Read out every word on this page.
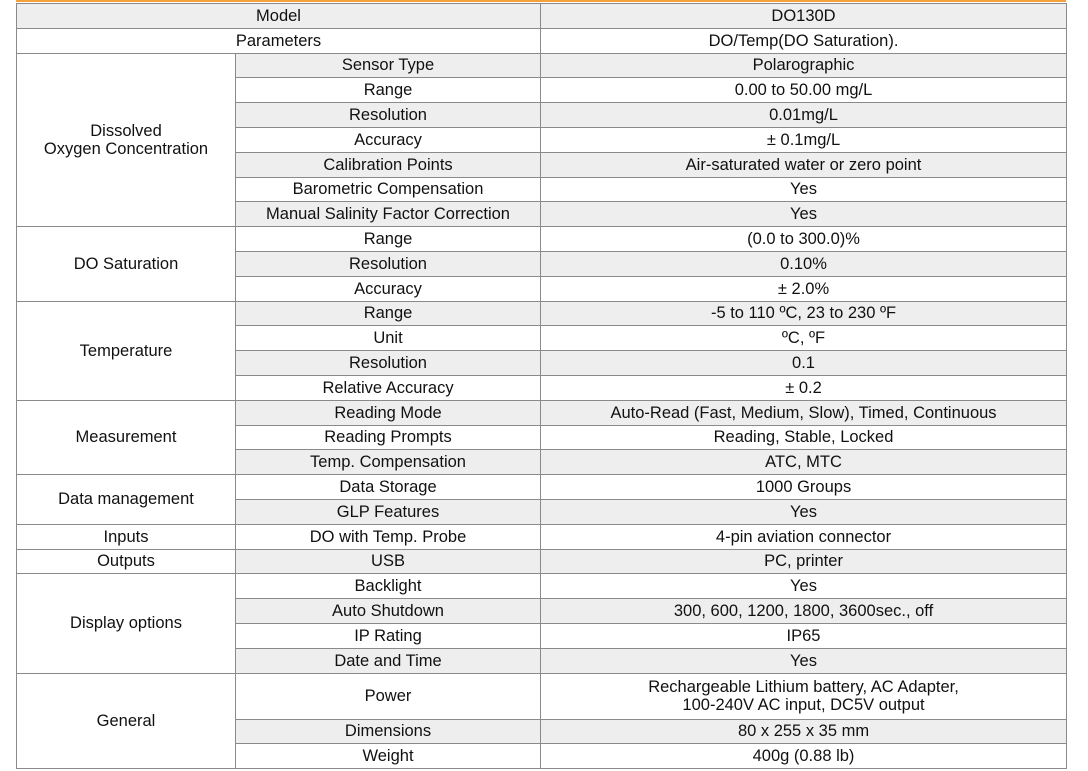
Model		DO130D
Parameters		DO/Temp(DO Saturation).
Dissolved
Oxygen Concentration	Sensor Type	Polarographic
	Range	0.00 to 50.00 mg/L
	Resolution	0.01mg/L
	Accuracy	± 0.1mg/L
	Calibration Points	Air-saturated water or zero point
	Barometric Compensation	Yes
	Manual Salinity Factor Correction	Yes
DO Saturation	Range	(0.0 to 300.0)%
	Resolution	0.10%
	Accuracy	± 2.0%
Temperature	Range	-5 to 110 ºC, 23 to 230 ºF
	Unit	ºC, ºF
	Resolution	0.1
	Relative Accuracy	± 0.2
Measurement	Reading Mode	Auto-Read (Fast, Medium, Slow), Timed, Continuous
	Reading Prompts	Reading, Stable, Locked
	Temp. Compensation	ATC, MTC
Data management	Data Storage	1000 Groups
	GLP Features	Yes
Inputs	DO with Temp. Probe	4-pin aviation connector
Outputs	USB	PC, printer
Display options	Backlight	Yes
	Auto Shutdown	300, 600, 1200, 1800, 3600sec., off
	IP Rating	IP65
	Date and Time	Yes
General	Power	Rechargeable Lithium battery, AC Adapter,
100-240V AC input, DC5V output
	Dimensions	80 x 255 x 35 mm
	Weight	400g (0.88 lb)
